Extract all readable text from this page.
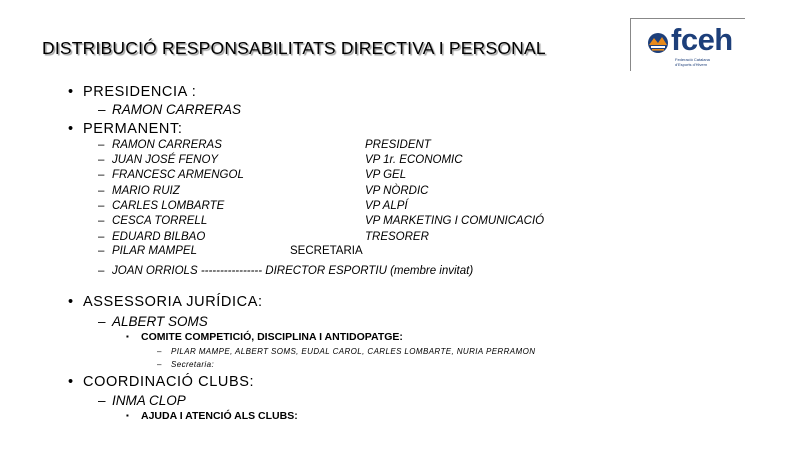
DISTRIBUCIÓ RESPONSABILITATS DIRECTIVA I PERSONAL	fceh
Federació Catalana
d'Esports d'Hivern
• PRESIDENCIA :
– RAMON CARRERAS
• PERMANENT:
– RAMON CARRERAS	PRESIDENT
– JUAN JOSÉ FENOY	VP 1r. ECONOMIC
– FRANCESC ARMENGOL	VP GEL
– MARIO RUIZ	VP NÒRDIC
– CARLES LOMBARTE	VP ALPÍ
– CESCA TORRELL	VP MARKETING I COMUNICACIÓ
– EDUARD BILBAO	TRESORER
– PILAR MAMPEL	SECRETARIA
– JOAN ORRIOLS ---------------- DIRECTOR ESPORTIU (membre invitat)
• ASSESSORIA JURÍDICA:
– ALBERT SOMS
▪ COMITE COMPETICIÓ, DISCIPLINA I ANTIDOPATGE:
– PILAR MAMPE, ALBERT SOMS, EUDAL CAROL, CARLES LOMBARTE, NURIA PERRAMON
– Secretaria:
• COORDINACIÓ CLUBS:
– INMA CLOP
▪ AJUDA I ATENCIÓ ALS CLUBS:
